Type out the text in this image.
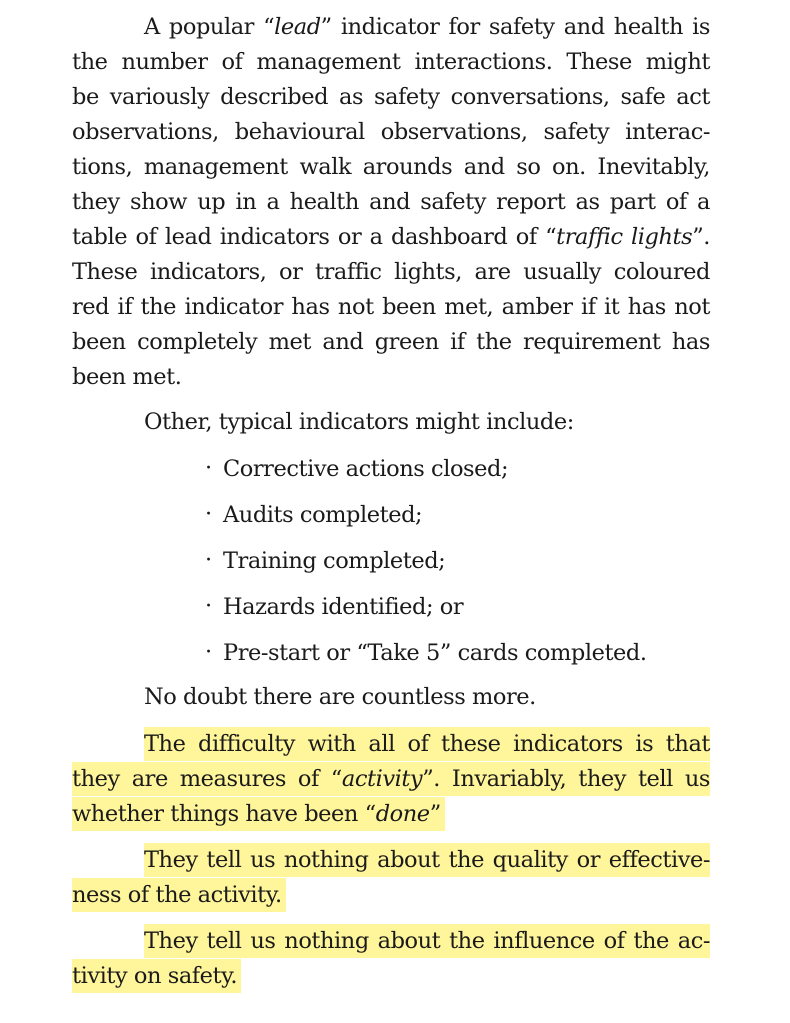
A popular “lead” indicator for safety and health is
the number of management interactions. These might
be variously described as safety conversations, safe act
observations, behavioural observations, safety interac-
tions, management walk arounds and so on. Inevitably,
they show up in a health and safety report as part of a
table of lead indicators or a dashboard of “traffic lights”.
These indicators, or traffic lights, are usually coloured
red if the indicator has not been met, amber if it has not
been completely met and green if the requirement has
been met.
Other, typical indicators might include:
· Corrective actions closed;
· Audits completed;
· Training completed;
· Hazards identified; or
· Pre-start or “Take 5” cards completed.
No doubt there are countless more.
The difficulty with all of these indicators is that
they are measures of “activity”. Invariably, they tell us
whether things have been “done”
They tell us nothing about the quality or effective-
ness of the activity.
They tell us nothing about the influence of the ac-
tivity on safety.
